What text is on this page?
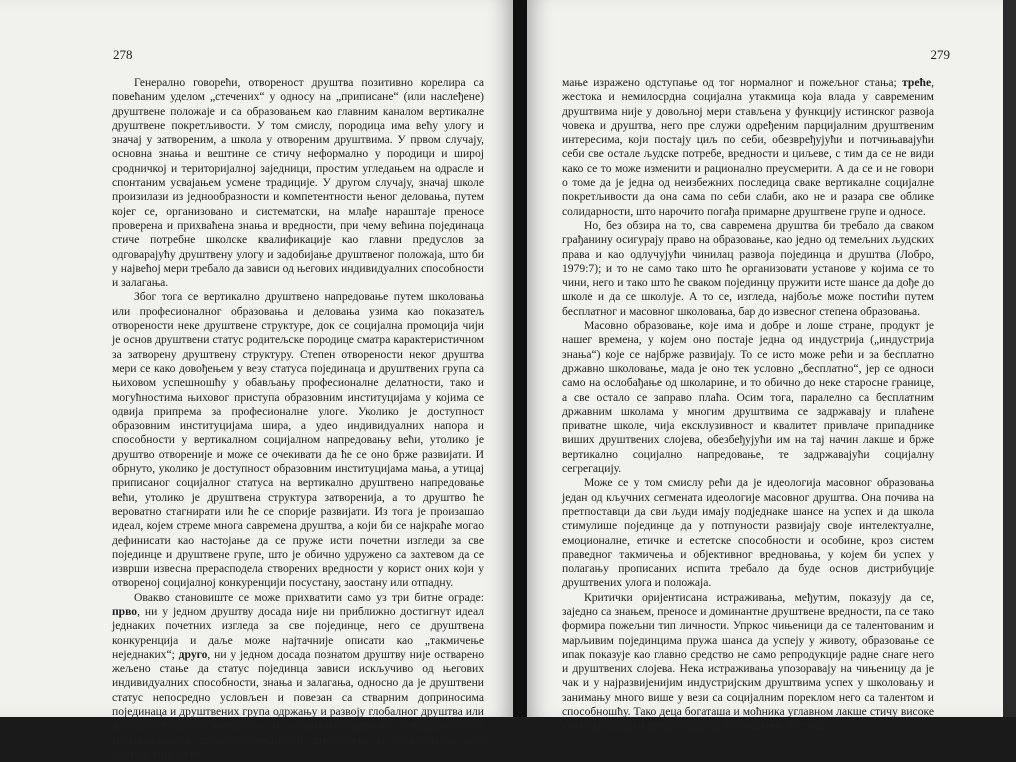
278

Генерално говорећи, отвореност друштва позитивно корелира са повећаним уделом „стечених“ у односу на „приписане“ (или наслеђене) друштвене положаје и са образовањем као главним каналом вертикалне друштвене покретљивости. У том смислу, породица има већу улогу и значај у затвореним, а школа у отвореним друштвима. У првом случају, основна знања и вештине се стичу неформално у породици и широј сродничкој и територијалној заједници, простим угледањем на одрасле и спонтаним усвајањем усмене традиције. У другом случају, значај школе произилази из једнообразности и компетентности њеног деловања, путем којег се, организовано и систематски, на млађе нараштаје преносе проверена и прихваћена знања и вредности, при чему већина појединаца стиче потребне школске квалификације као главни предуслов за одговарајућу друштвену улогу и задобијање друштвеног положаја, што би у највећој мери требало да зависи од његових индивидуалних способности и залагања.

Због тога се вертикално друштвено напредовање путем школовања или професионалног образовања и деловања узима као показатељ отворености неке друштвене структуре, док се социјална промоција чији је основ друштвени статус родитељске породице сматра карактеристичном за затворену друштвену структуру. Степен отворености неког друштва мери се како довођењем у везу статуса појединаца и друштвених група са њиховом успешношћу у обављању професионалне делатности, тако и могућностима њиховог приступа образовним институцијама у којима се одвија припрема за професионалне улоге. Уколико је доступност образовним институцијама шира, а удео индивидуалних напора и способности у вертикалном социјалном напредовању већи, утолико је друштво отвореније и може се очекивати да ће се оно брже развијати. И обрнуто, уколико је доступност образовним институцијама мања, а утицај приписаног социјалног статуса на вертикално друштвено напредовање већи, утолико је друштвена структура затворенија, а то друштво ће вероватно стагнирати или ће се спорије развијати. Из тога је произашао идеал, којем стреме многа савремена друштва, а који би се најкраће могао дефинисати као настојање да се пруже исти почетни изгледи за све појединце и друштвене групе, што је обично удружено са захтевом да се изврши извесна прерасподела створених вредности у корист оних који у отвореној социјалној конкуренцији посустану, заостану или отпадну.

Овакво становиште се може прихватити само уз три битне ограде: прво, ни у једном друштву досада није ни приближно достигнут идеал једнаких почетних изгледа за све појединце, него се друштвена конкуренција и даље може најтачније описати као „такмичење неједнаких“; друго, ни у једном досада познатом друштву није остварено жељено стање да статус појединца зависи искључиво од његових индивидуалних способности, знања и залагања, односно да је друштвени статус непосредно условљен и повезан са стварним доприносима појединаца и друштвених група одржању и развоју глобалног друштва или његових појединих сегмената, тј. са њиховим уделом у стварању нових материјалних и духовних вредности, што значи да у сваком од њих постоји више или

279

мање изражено одступање од тог нормалног и пожељног стања; треће, жестока и немилосрдна социјална утакмица која влада у савременим друштвима није у довољној мери стављена у функцију истинског развоја човека и друштва, него пре служи одређеним парцијалним друштвеним интересима, који постају циљ по себи, обезвређујући и потчињавајући себи све остале људске потребе, вредности и циљеве, с тим да се не види како се то може изменити и рационално преусмерити. А да се и не говори о томе да је једна од неизбежних последица сваке вертикалне социјалне покретљивости да она сама по себи слаби, ако не и разара све облике солидарности, што нарочито погађа примарне друштвене групе и односе.

Но, без обзира на то, сва савремена друштва би требало да сваком грађанину осигурају право на образовање, као једно од темељних људских права и као одлучујући чинилац развоја појединца и друштва (Лобро, 1979:7); и то не само тако што ће организовати установе у којима се то чини, него и тако што ће сваком појединцу пружити исте шансе да дође до школе и да се школује. А то се, изгледа, најбоље може постићи путем бесплатног и масовног школовања, бар до извесног степена образовања.

Масовно образовање, које има и добре и лоше стране, продукт је нашег времена, у којем оно постаје једна од индустрија („индустрија знања“) које се најбрже развијају. То се исто може рећи и за бесплатно државно школовање, мада је оно тек условно „бесплатно“, јер се односи само на ослобађање од школарине, и то обично до неке старосне границе, а све остало се заправо плаћа. Осим тога, паралелно са бесплатним државним школама у многим друштвима се задржавају и плаћене приватне школе, чија ексклузивност и квалитет привлаче припаднике виших друштвених слојева, обезбеђујући им на тај начин лакше и брже вертикално социјално напредовање, те задржавајући социјалну сегрегацију.

Може се у том смислу рећи да је идеологија масовног образовања један од кључних сегмената идеологије масовног друштва. Она почива на претпоставци да сви људи имају подједнаке шансе на успех и да школа стимулише појединце да у потпуности развијају своје интелектуалне, емоционалне, етичке и естетске способности и особине, кроз систем праведног такмичења и објективног вредновања, у којем би успех у полагању прописаних испита требало да буде основ дистрибуције друштвених улога и положаја.

Критички оријентисана истраживања, међутим, показују да се, заједно са знањем, преносе и доминантне друштвене вредности, па се тако формира пожељни тип личности. Упркос чињеници да се талентованим и марљивим појединцима пружа шанса да успеју у животу, образовање се ипак показује као главно средство не само репродукције радне снаге него и друштвених слојева. Нека истраживања упозоравају на чињеницу да је чак и у најразвијенијим индустријским друштвима успех у школовању и занимању много више у вези са социјалним пореклом него са талентом и способношћу. Тако деца богаташа и моћника углавном лакше стичу високе квалификације и пре добијају добро плаћене послове
